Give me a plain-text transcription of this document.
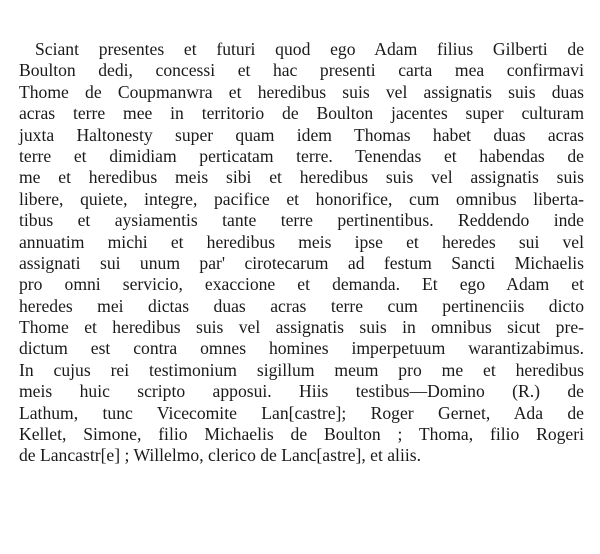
Sciant presentes et futuri quod ego Adam filius Gilberti de
Boulton dedi, concessi et hac presenti carta mea confirmavi
Thome de Coupmanwra et heredibus suis vel assignatis suis duas
acras terre mee in territorio de Boulton jacentes super culturam
juxta Haltonesty super quam idem Thomas habet duas acras
terre et dimidiam perticatam terre. Tenendas et habendas de
me et heredibus meis sibi et heredibus suis vel assignatis suis
libere, quiete, integre, pacifice et honorifice, cum omnibus liberta-
tibus et aysiamentis tante terre pertinentibus. Reddendo inde
annuatim michi et heredibus meis ipse et heredes sui vel
assignati sui unum par' cirotecarum ad festum Sancti Michaelis
pro omni servicio, exaccione et demanda. Et ego Adam et
heredes mei dictas duas acras terre cum pertinenciis dicto
Thome et heredibus suis vel assignatis suis in omnibus sicut pre-
dictum est contra omnes homines imperpetuum warantizabimus.
In cujus rei testimonium sigillum meum pro me et heredibus
meis huic scripto apposui. Hiis testibus—Domino (R.) de
Lathum, tunc Vicecomite Lan[castre]; Roger Gernet, Ada de
Kellet, Simone, filio Michaelis de Boulton ; Thoma, filio Rogeri
de Lancastr[e] ; Willelmo, clerico de Lanc[astre], et aliis.
